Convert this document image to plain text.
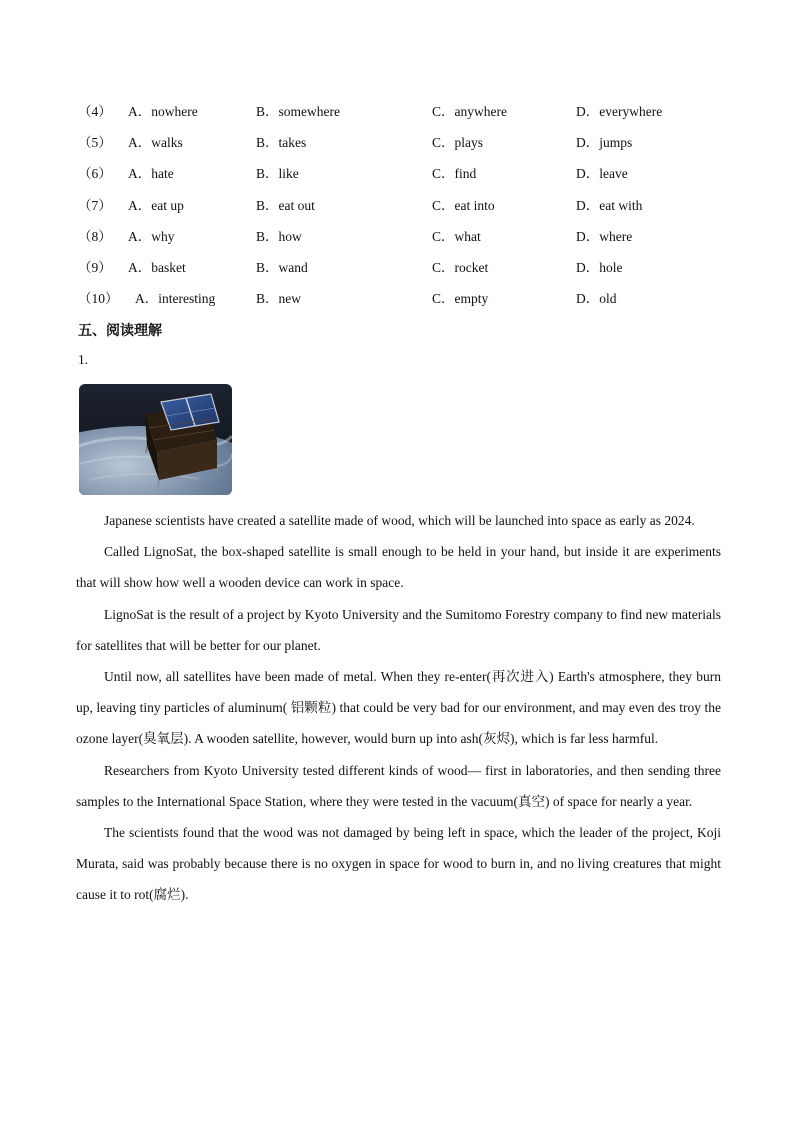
（4） A．nowhere	B．somewhere	C．anywhere	D．everywhere
（5） A．walks	B．takes	C．plays	D．jumps
（6） A．hate	B．like	C．find	D．leave
（7） A．eat up	B．eat out	C．eat into	D．eat with
（8） A．why	B．how	C．what	D．where
（9） A．basket	B．wand	C．rocket	D．hole
（10） A．interesting	B．new	C．empty	D．old
五、阅读理解
1.

Japanese scientists have created a satellite made of wood, which will be launched into space as early as 2024.

Called LignoSat, the box-shaped satellite is small enough to be held in your hand, but inside it are experiments that will show how well a wooden device can work in space.

LignoSat is the result of a project by Kyoto University and the Sumitomo Forestry company to find new materials for satellites that will be better for our planet.

Until now, all satellites have been made of metal. When they re-enter(再次进入) Earth's atmosphere, they burn up, leaving tiny particles of aluminum( 铝颗粒) that could be very bad for our environment, and may even des troy the ozone layer(臭氧层). A wooden satellite, however, would burn up into ash(灰烬), which is far less harmful.

Researchers from Kyoto University tested different kinds of wood— first in laboratories, and then sending three samples to the International Space Station, where they were tested in the vacuum(真空) of space for nearly a year.

The scientists found that the wood was not damaged by being left in space, which the leader of the project, Koji Murata, said was probably because there is no oxygen in space for wood to burn in, and no living creatures that might cause it to rot(腐烂).
